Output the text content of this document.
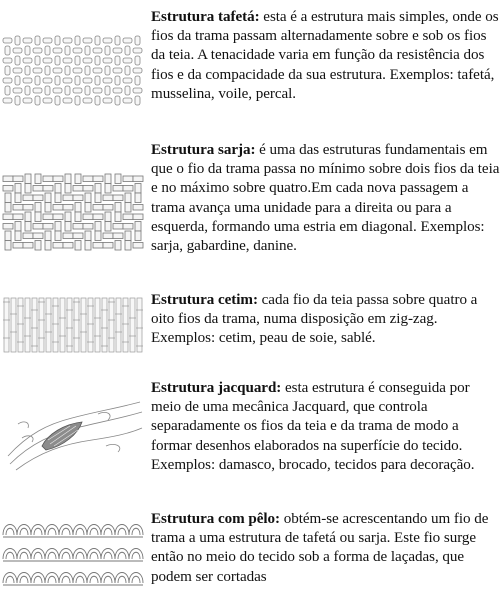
Estrutura tafetá: esta é a estrutura mais simples, onde os fios da trama passam alternadamente sobre e sob os fios da teia. A tenacidade varia em função da resistência dos fios e da compacidade da sua estrutura. Exemplos: tafetá, musselina, voile, percal.
Estrutura sarja: é uma das estruturas fundamentais em que o fio da trama passa no mínimo sobre dois fios da teia e no máximo sobre quatro.Em cada nova passagem a trama avança uma unidade para a direita ou para a esquerda, formando uma estria em diagonal. Exemplos: sarja, gabardine, danine.
Estrutura cetim: cada fio da teia passa sobre quatro a oito fios da trama, numa disposição em zig-zag. Exemplos: cetim, peau de soie, sablé.
Estrutura jacquard: esta estrutura é conseguida por meio de uma mecânica Jacquard, que controla separadamente os fios da teia e da trama de modo a formar desenhos elaborados na superfície do tecido. Exemplos: damasco, brocado, tecidos para decoração.
Estrutura com pêlo: obtém-se acrescentando um fio de trama a uma estrutura de tafetá ou sarja. Este fio surge então no meio do tecido sob a forma de laçadas, que podem ser cortadas
